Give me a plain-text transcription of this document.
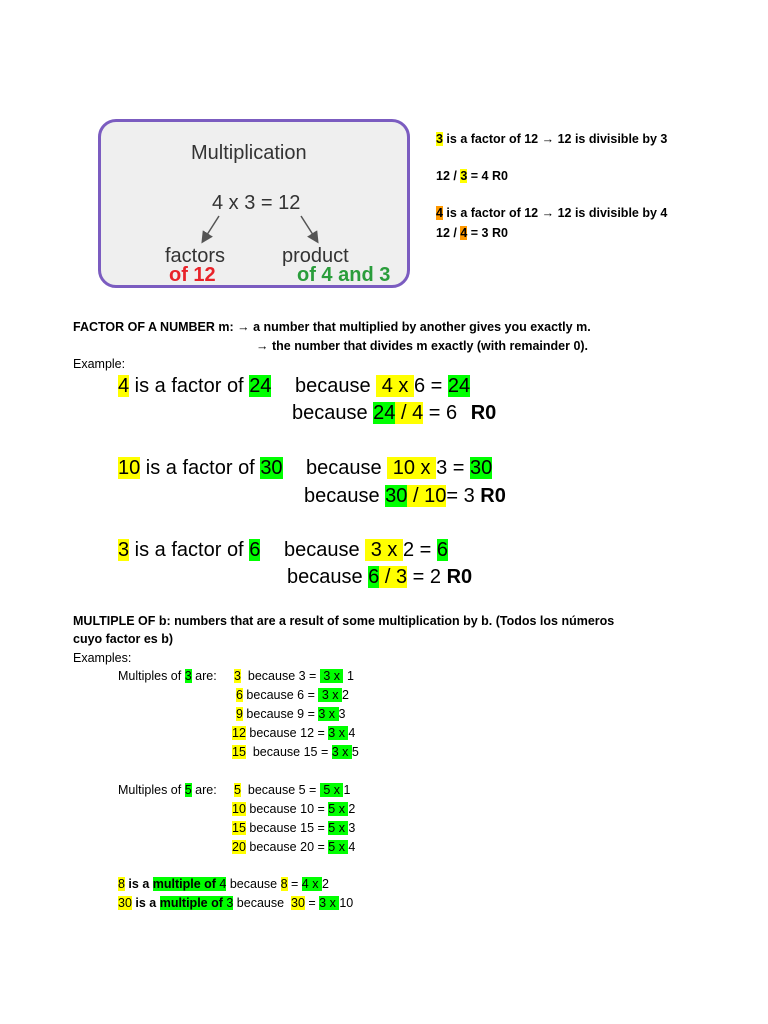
Multiplication
4 x 3 = 12
factors	product
of 12	of 4 and 3
3 is a factor of 12 → 12 is divisible by 3
12 / 3 = 4 R0
4 is a factor of 12 → 12 is divisible by 4
12 / 4 = 3 R0
FACTOR OF A NUMBER m: → a number that multiplied by another gives you exactly m.
→ the number that divides m exactly (with remainder 0).
Example:
4 is a factor of 24 because  4 x 6 = 24
because 24 / 4 = 6 R0
10 is a factor of 30 because  10 x 3 = 30
because 30 / 10= 3 R0
3 is a factor of 6 because  3 x 2 = 6
because 6 / 3 = 2 R0
MULTIPLE OF b: numbers that are a result of some multiplication by b. (Todos los números
cuyo factor es b)
Examples:
Multiples of 3 are: 3  because 3 =  3 x  1
6 because 6 =  3 x 2
9 because 9 = 3 x 3
12 because 12 = 3 x 4
15  because 15 = 3 x 5
Multiples of 5 are: 5  because 5 =  5 x 1
10 because 10 = 5 x 2
15 because 15 = 5 x 3
20 because 20 = 5 x 4
8 is a multiple of 4 because 8 = 4 x 2
30 is a multiple of 3 because  30 = 3 x 10
